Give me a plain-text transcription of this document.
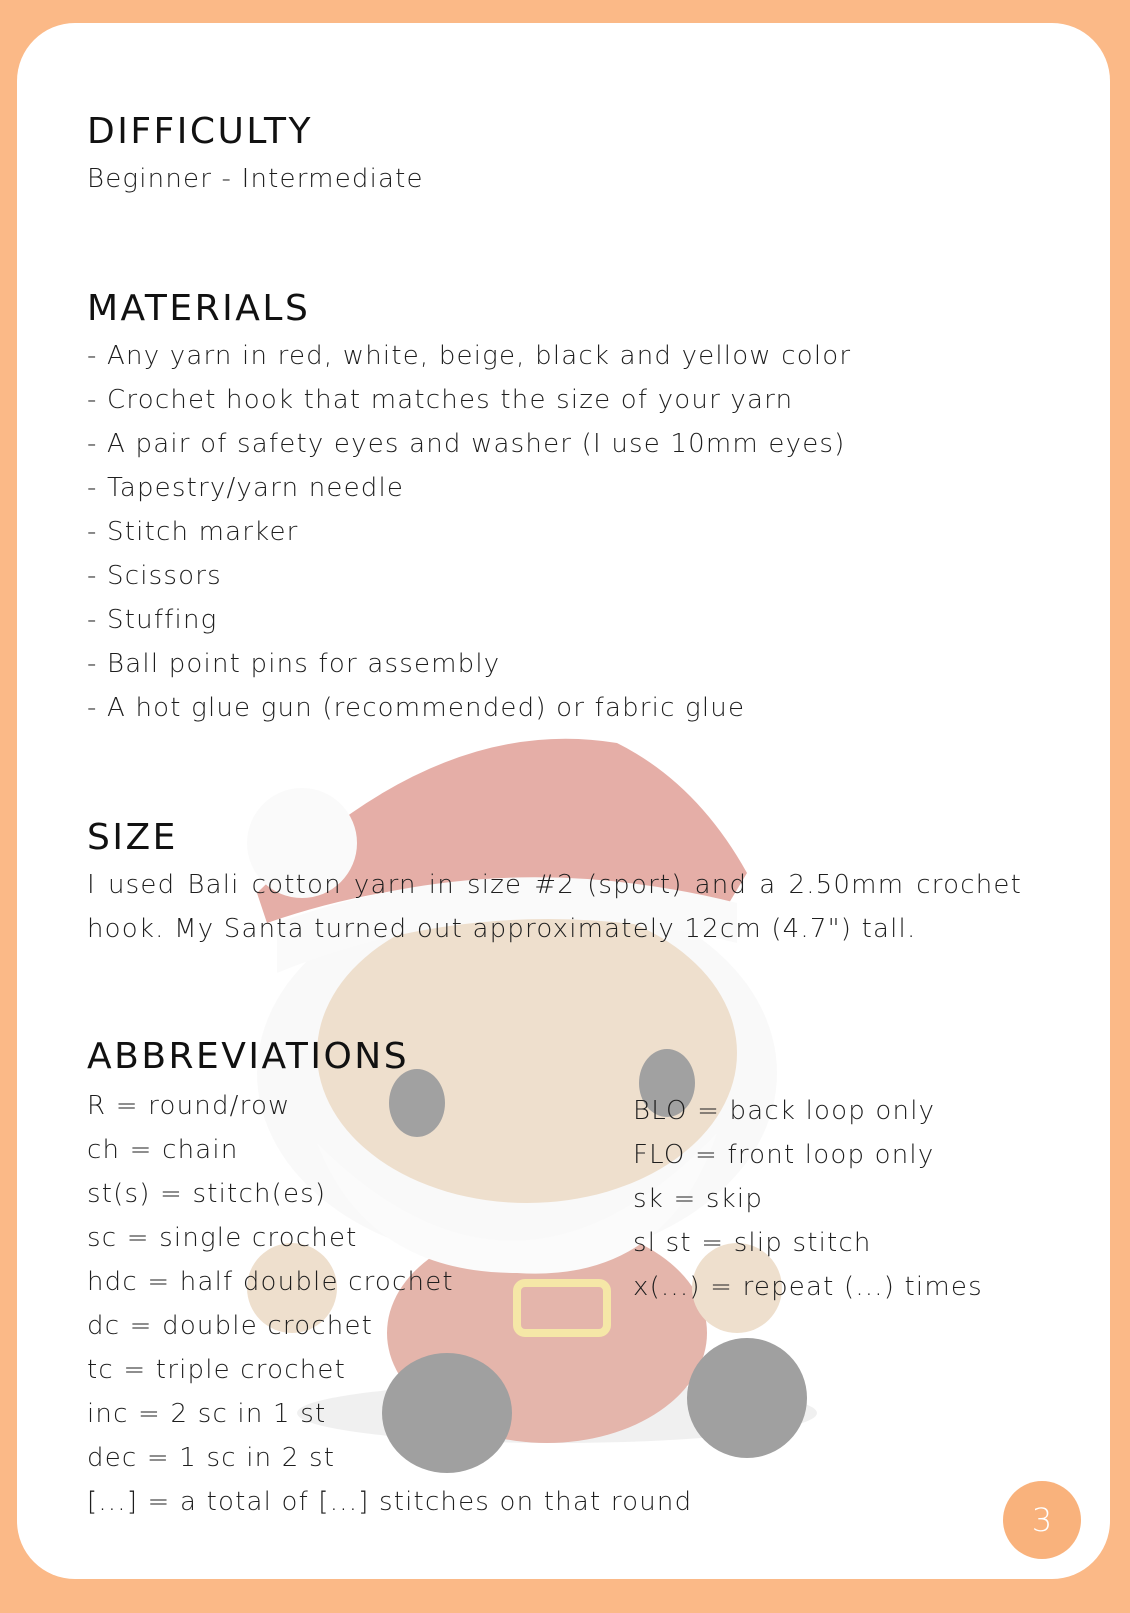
DIFFICULTY
Beginner - Intermediate
MATERIALS
- Any yarn in red, white, beige, black and yellow color
- Crochet hook that matches the size of your yarn
- A pair of safety eyes and washer (I use 10mm eyes)
- Tapestry/yarn needle
- Stitch marker
- Scissors
- Stuffing
- Ball point pins for assembly
- A hot glue gun (recommended) or fabric glue
SIZE
I used Bali cotton yarn in size #2 (sport) and a 2.50mm crochet hook. My Santa turned out approximately 12cm (4.7") tall.
ABBREVIATIONS
R = round/row
ch = chain
st(s) = stitch(es)
sc = single crochet
hdc = half double crochet
dc = double crochet
tc = triple crochet
inc = 2 sc in 1 st
dec = 1 sc in 2 st
[...] = a total of [...] stitches on that round
BLO = back loop only
FLO = front loop only
sk = skip
sl st = slip stitch
x(...) = repeat (...) times
3
